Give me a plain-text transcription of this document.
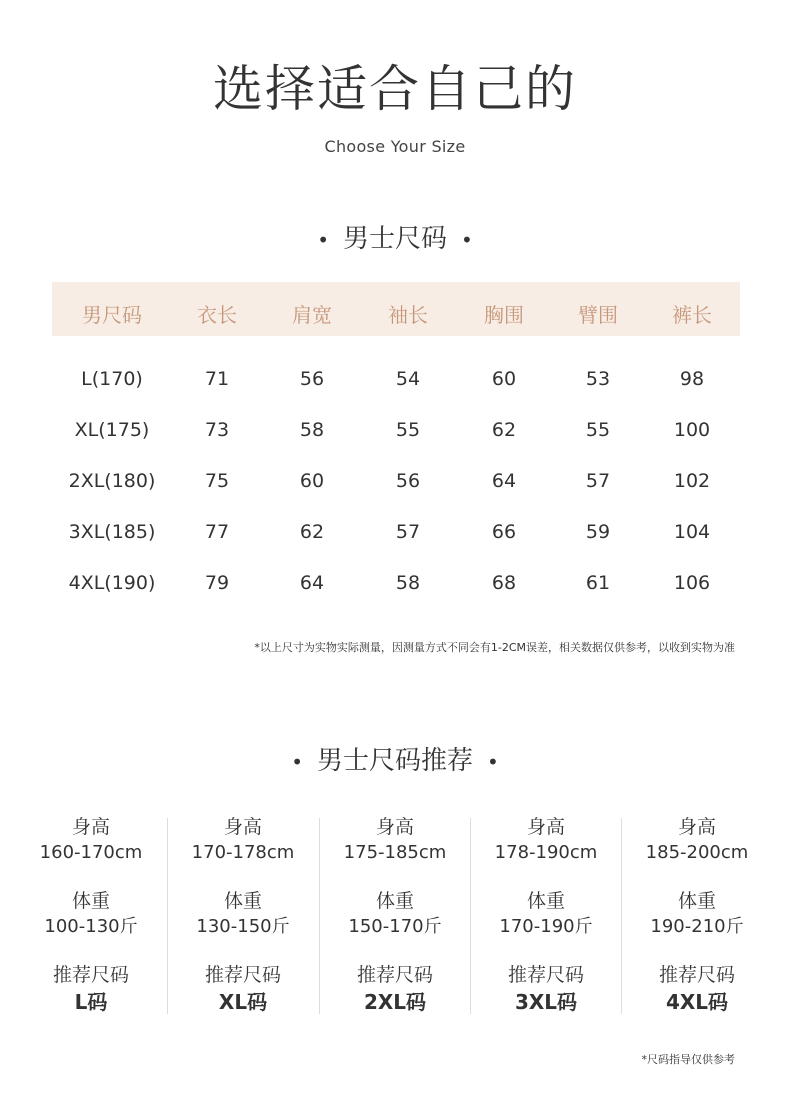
选择适合自己的
Choose Your Size
• 男士尺码 •
男尺码	衣长	肩宽	袖长	胸围	臂围	裤长
L(170)	71	56	54	60	53	98
XL(175)	73	58	55	62	55	100
2XL(180)	75	60	56	64	57	102
3XL(185)	77	62	57	66	59	104
4XL(190)	79	64	58	68	61	106
*以上尺寸为实物实际测量，因测量方式不同会有1-2CM误差，相关数据仅供参考，以收到实物为准
• 男士尺码推荐 •
身高
160-170cm
体重
100-130斤
推荐尺码
L码
身高
170-178cm
体重
130-150斤
推荐尺码
XL码
身高
175-185cm
体重
150-170斤
推荐尺码
2XL码
身高
178-190cm
体重
170-190斤
推荐尺码
3XL码
身高
185-200cm
体重
190-210斤
推荐尺码
4XL码
*尺码指导仅供参考
